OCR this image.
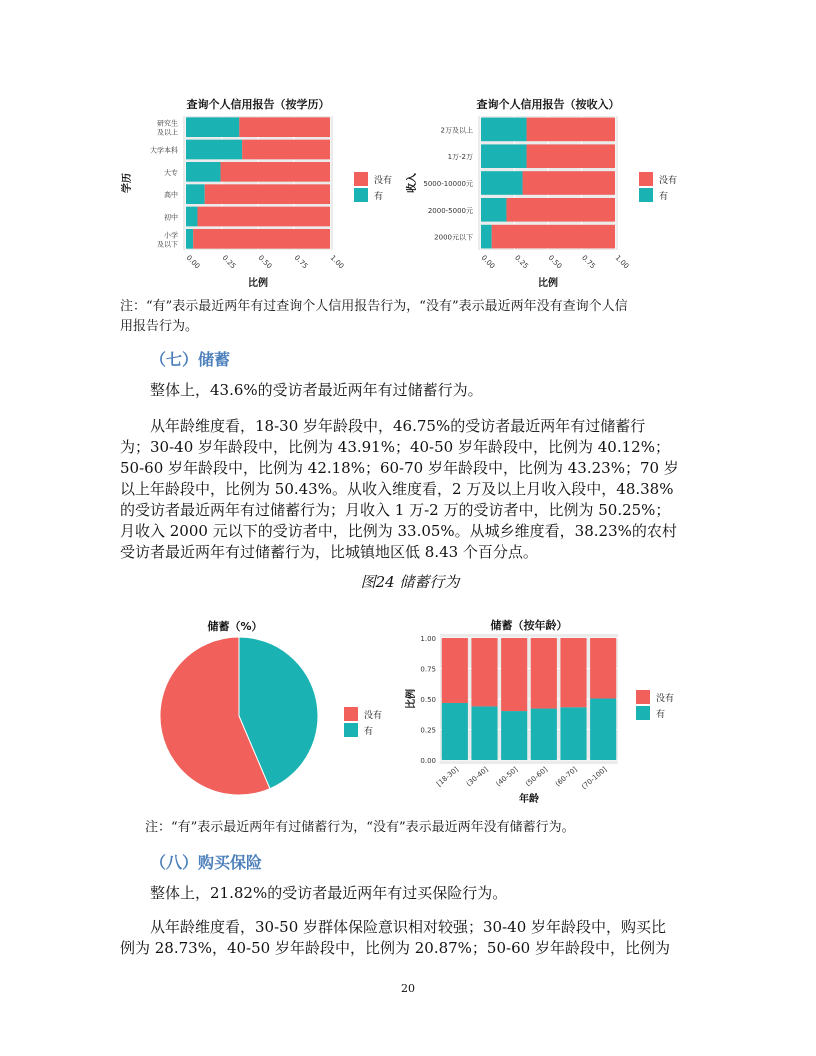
查询个人信用报告（按学历）
研究生
及以上
大学本科
大专
高中
初中
小学
及以下
0.00	0.25	0.50	0.75	1.00
比例
学历	没有
有
查询个人信用报告（按收入）
2万及以上
1万-2万
5000-10000元
2000-5000元
2000元以下
0.00 0.25 0.50 0.75 1.00
比例
收入	没有
有
注：“有”表示最近两年有过查询个人信用报告行为，“没有”表示最近两年没有查询个人信
用报告行为。
（七）储蓄
整体上，43.6%的受访者最近两年有过储蓄行为。
从年龄维度看，18-30 岁年龄段中，46.75%的受访者最近两年有过储蓄行
为；30-40 岁年龄段中，比例为 43.91%；40-50 岁年龄段中，比例为 40.12%；
50-60 岁年龄段中，比例为 42.18%；60-70 岁年龄段中，比例为 43.23%；70 岁
以上年龄段中，比例为 50.43%。从收入维度看，2 万及以上月收入段中，48.38%
的受访者最近两年有过储蓄行为；月收入 1 万-2 万的受访者中，比例为 50.25%；
月收入 2000 元以下的受访者中，比例为 33.05%。从城乡维度看，38.23%的农村
受访者最近两年有过储蓄行为，比城镇地区低 8.43 个百分点。
图24 储蓄行为
储蓄（%）
没有
有
储蓄（按年龄）
0.00
0.25
0.50
0.75
1.00
[18-30] (30-40] (40-50] (50-60] (60-70] (70-100]
年龄
比例	没有
有
注：“有”表示最近两年有过储蓄行为，“没有”表示最近两年没有储蓄行为。
（八）购买保险
整体上，21.82%的受访者最近两年有过买保险行为。
从年龄维度看，30-50 岁群体保险意识相对较强；30-40 岁年龄段中，购买比
例为 28.73%，40-50 岁年龄段中，比例为 20.87%；50-60 岁年龄段中，比例为
20
